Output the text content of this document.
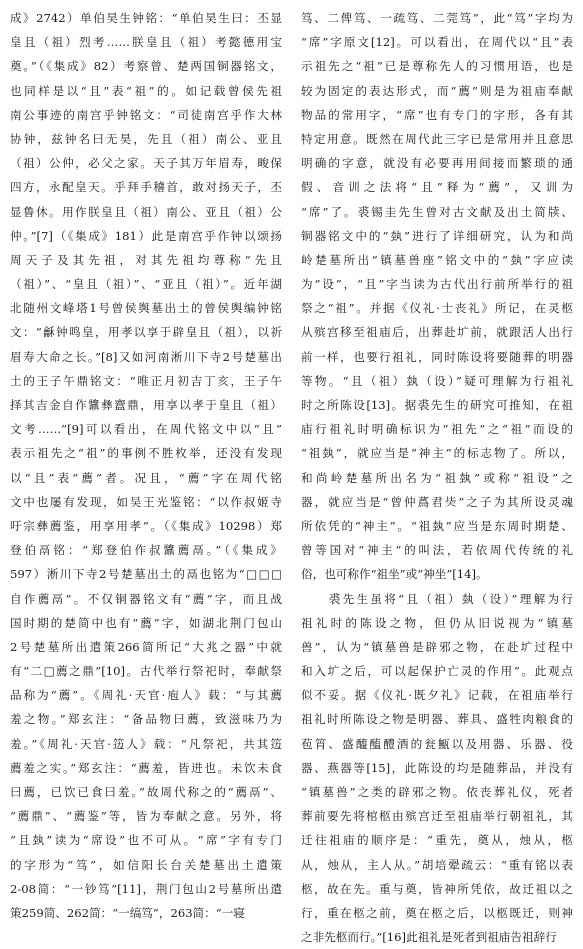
成》2742）单伯昊生钟铭：“单伯昊生曰：丕显
皇且（祖）烈考……朕皇且（祖）考懿德用宝
奠。”（《集成》82）考察曾、楚两国铜器铭文，
也同样是以“且”表“祖”的。如记载曾侯先祖
南公事迹的南宫乎钟铭文：“司徒南宫乎作大林
协钟，兹钟名曰无昊，先且（祖）南公、亚且
（祖）公仲，必父之家。天子其万年眉寿，畯保
四方，永配皇天。乎拜手稽首，敢对扬天子，丕
显鲁休。用作朕皇且（祖）南公、亚且（祖）公
仲。”[7]（《集成》181）此是南宫乎作钟以颂扬
周天子及其先祖，对其先祖均尊称“先且
（祖）”、“皇且（祖）”、“亚且（祖）”。近年湖
北随州文峰塔1号曾侯舆墓出土的曾侯舆编钟铭
文：“龢钟鸣皇，用孝以享于辟皇且（祖），以祈
眉寿大命之长。”[8]又如河南淅川下寺2号楚墓出
土的王子午鼎铭文：“唯正月初吉丁亥，王子午
择其吉金自作䵼彝齍鼎，用享以孝于皇且（祖）
文考……”[9]可以看出，在周代铭文中以“且”
表示祖先之“祖”的事例不胜枚举，还没有发现
以“且”表“薦”者。况且，“薦”字在周代铭
文中也屡有发现，如吴王光鉴铭：“以作叔姬寺
吁宗彝薦鉴，用享用孝”。（《集成》10298）郑
登伯鬲铭：“郑登伯作叔䵼薦鬲。”（《集成》
597）淅川下寺2号楚墓出土的鬲也铭为“□□□
自作薦鬲”。不仅铜器铭文有“薦”字，而且战
国时期的楚简中也有“薦”字，如湖北荆门包山
2号楚墓所出遣策266简所记“大兆之器”中就
有“二□薦之鼎”[10]。古代举行祭祀时，奉献祭
品称为“薦”。《周礼·天官·庖人》载：“与其薦
羞之物。”郑玄注：“备品物曰薦，致滋味乃为
羞。”《周礼·天官·笾人》载：“凡祭祀，共其笾
薦羞之实。”郑玄注：“薦羞，皆进也。未饮未食
曰薦，已饮已食曰羞。”故周代称之的“薦鬲”、
“薦鼎”、“薦鉴”等，皆为奉献之意。另外，将
“且埶”读为“席设”也不可从。“席”字有专门
的字形为“笃”，如信阳长台关楚墓出土遣策
2-08简：“一钞笃”[11]，荆门包山2号墓所出遣
策259简、262简：“一缟笃”，263简：“一寝
笃、二俾笃、一疏笃、二莞笃”，此“笃”字均为
“席”字原文[12]。可以看出，在周代以“且”表
示祖先之“祖”已是尊称先人的习惯用语，也是
较为固定的表达形式，而“薦”则是为祖庙奉献
物品的常用字，“席”也有专门的字形，各有其
特定用意。既然在周代此三字已是常用并且意思
明确的字意，就没有必要再用间接而繁琐的通
假、音训之法将“且”释为“薦”，又训为
“席”了。裘锡圭先生曾对古文献及出土简牍、
铜器铭文中的“埶”进行了详细研究，认为和尚
岭楚墓所出“镇墓兽座”铭文中的“埶”字应读
为“设”，“且”字当读为古代出行前所举行的祖
祭之“祖”。并据《仪礼·士丧礼》所记，在灵柩
从殡宫移至祖庙后，出葬赴圹前，就跟活人出行
前一样，也要行祖礼，同时陈设将要随葬的明器
等物。“且（祖）埶（设）”疑可理解为行祖礼
时之所陈设[13]。据裘先生的研究可推知，在祖
庙行祖礼时明确标识为“祖先”之“祖”而设的
“祖埶”，就应当是“神主”的标志物了。所以，
和尚岭楚墓所出名为“祖埶”或称“祖设”之
器，就应当是“曾仲蔿君𦬦”之子为其所设灵魂
所依凭的“神主”。“祖埶”应当是东周时期楚、
曾等国对“神主”的叫法，若依周代传统的礼
俗，也可称作“祖坐”或“神坐”[14]。
　　裘先生虽将“且（祖）埶（设）”理解为行
祖礼时的陈设之物，但仍从旧说视为“镇墓
兽”，认为“镇墓兽是辟邪之物，在赴圹过程中
和入圹之后，可以起保护亡灵的作用”。此观点
似不妥。据《仪礼·既夕礼》记载，在祖庙举行
祖礼时所陈设之物是明器、葬具、盛牲肉粮食的
苞筲、盛醯醢醴酒的瓮甒以及用器、乐器、役
器、燕器等[15]，此陈设的均是随葬品，并没有
“镇墓兽”之类的辟邪之物。依丧葬礼仪，死者
葬前要先将棺柩由殡宫迁至祖庙举行朝祖礼，其
迁往祖庙的顺序是：“重先，奠从，烛从，柩
从，烛从，主人从。”胡培翚疏云：“重有铭以表
柩，故在先。重与奠，皆神所凭依，故迁祖以之
行，重在柩之前，奠在柩之后，以柩既迁，则神
之非先柩而行。”[16]此祖礼是死者到祖庙告祖辞行
